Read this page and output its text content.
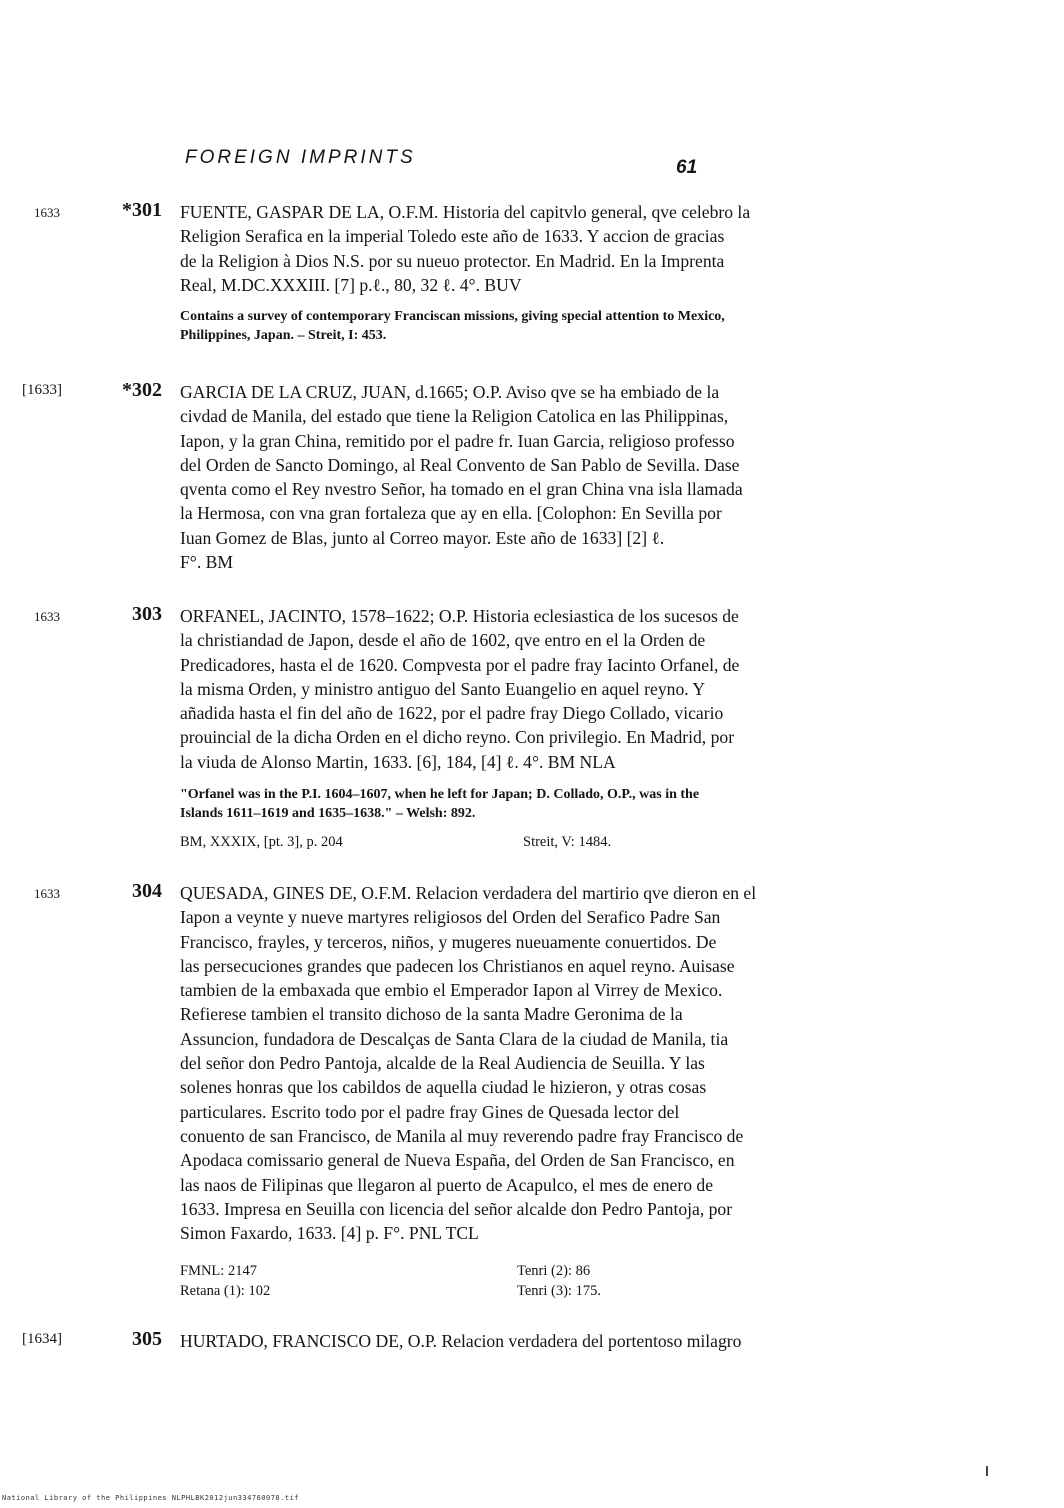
FOREIGN IMPRINTS	61
1633	*301 FUENTE, GASPAR DE LA, O.F.M. Historia del capitvlo general, qve celebro la
Religion Serafica en la imperial Toledo este año de 1633. Y accion de gracias
de la Religion à Dios N.S. por su nueuo protector. En Madrid. En la Imprenta
Real, M.DC.XXXIII. [7] p.ℓ., 80, 32 ℓ. 4°. BUV
Contains a survey of contemporary Franciscan missions, giving special attention to Mexico,
Philippines, Japan. – Streit, I: 453.
[1633]	*302 GARCIA DE LA CRUZ, JUAN, d.1665; O.P. Aviso qve se ha embiado de la
civdad de Manila, del estado que tiene la Religion Catolica en las Philippinas,
Iapon, y la gran China, remitido por el padre fr. Iuan Garcia, religioso professo
del Orden de Sancto Domingo, al Real Convento de San Pablo de Sevilla. Dase
qventa como el Rey nvestro Señor, ha tomado en el gran China vna isla llamada
la Hermosa, con vna gran fortaleza que ay en ella. [Colophon: En Sevilla por
Iuan Gomez de Blas, junto al Correo mayor. Este año de 1633] [2] ℓ.
F°. BM
1633	303 ORFANEL, JACINTO, 1578–1622; O.P. Historia eclesiastica de los sucesos de
la christiandad de Japon, desde el año de 1602, qve entro en el la Orden de
Predicadores, hasta el de 1620. Compvesta por el padre fray Iacinto Orfanel, de
la misma Orden, y ministro antiguo del Santo Euangelio en aquel reyno. Y
añadida hasta el fin del año de 1622, por el padre fray Diego Collado, vicario
prouincial de la dicha Orden en el dicho reyno. Con privilegio. En Madrid, por
la viuda de Alonso Martin, 1633. [6], 184, [4] ℓ. 4°. BM NLA
"Orfanel was in the P.I. 1604–1607, when he left for Japan; D. Collado, O.P., was in the
Islands 1611–1619 and 1635–1638." – Welsh: 892.
BM, XXXIX, [pt. 3], p. 204	Streit, V: 1484.
1633	304 QUESADA, GINES DE, O.F.M. Relacion verdadera del martirio qve dieron en el
Iapon a veynte y nueve martyres religiosos del Orden del Serafico Padre San
Francisco, frayles, y terceros, niños, y mugeres nueuamente conuertidos. De
las persecuciones grandes que padecen los Christianos en aquel reyno. Auisase
tambien de la embaxada que embio el Emperador Iapon al Virrey de Mexico.
Refierese tambien el transito dichoso de la santa Madre Geronima de la
Assuncion, fundadora de Descalças de Santa Clara de la ciudad de Manila, tia
del señor don Pedro Pantoja, alcalde de la Real Audiencia de Seuilla. Y las
solenes honras que los cabildos de aquella ciudad le hizieron, y otras cosas
particulares. Escrito todo por el padre fray Gines de Quesada lector del
conuento de san Francisco, de Manila al muy reverendo padre fray Francisco de
Apodaca comissario general de Nueva España, del Orden de San Francisco, en
las naos de Filipinas que llegaron al puerto de Acapulco, el mes de enero de
1633. Impresa en Seuilla con licencia del señor alcalde don Pedro Pantoja, por
Simon Faxardo, 1633. [4] p. F°. PNL TCL
FMNL: 2147	Tenri (2): 86
Retana (1): 102	Tenri (3): 175.
[1634]	305 HURTADO, FRANCISCO DE, O.P. Relacion verdadera del portentoso milagro
National Library of the Philippines NLPHLBK2012jun334760078.tif
